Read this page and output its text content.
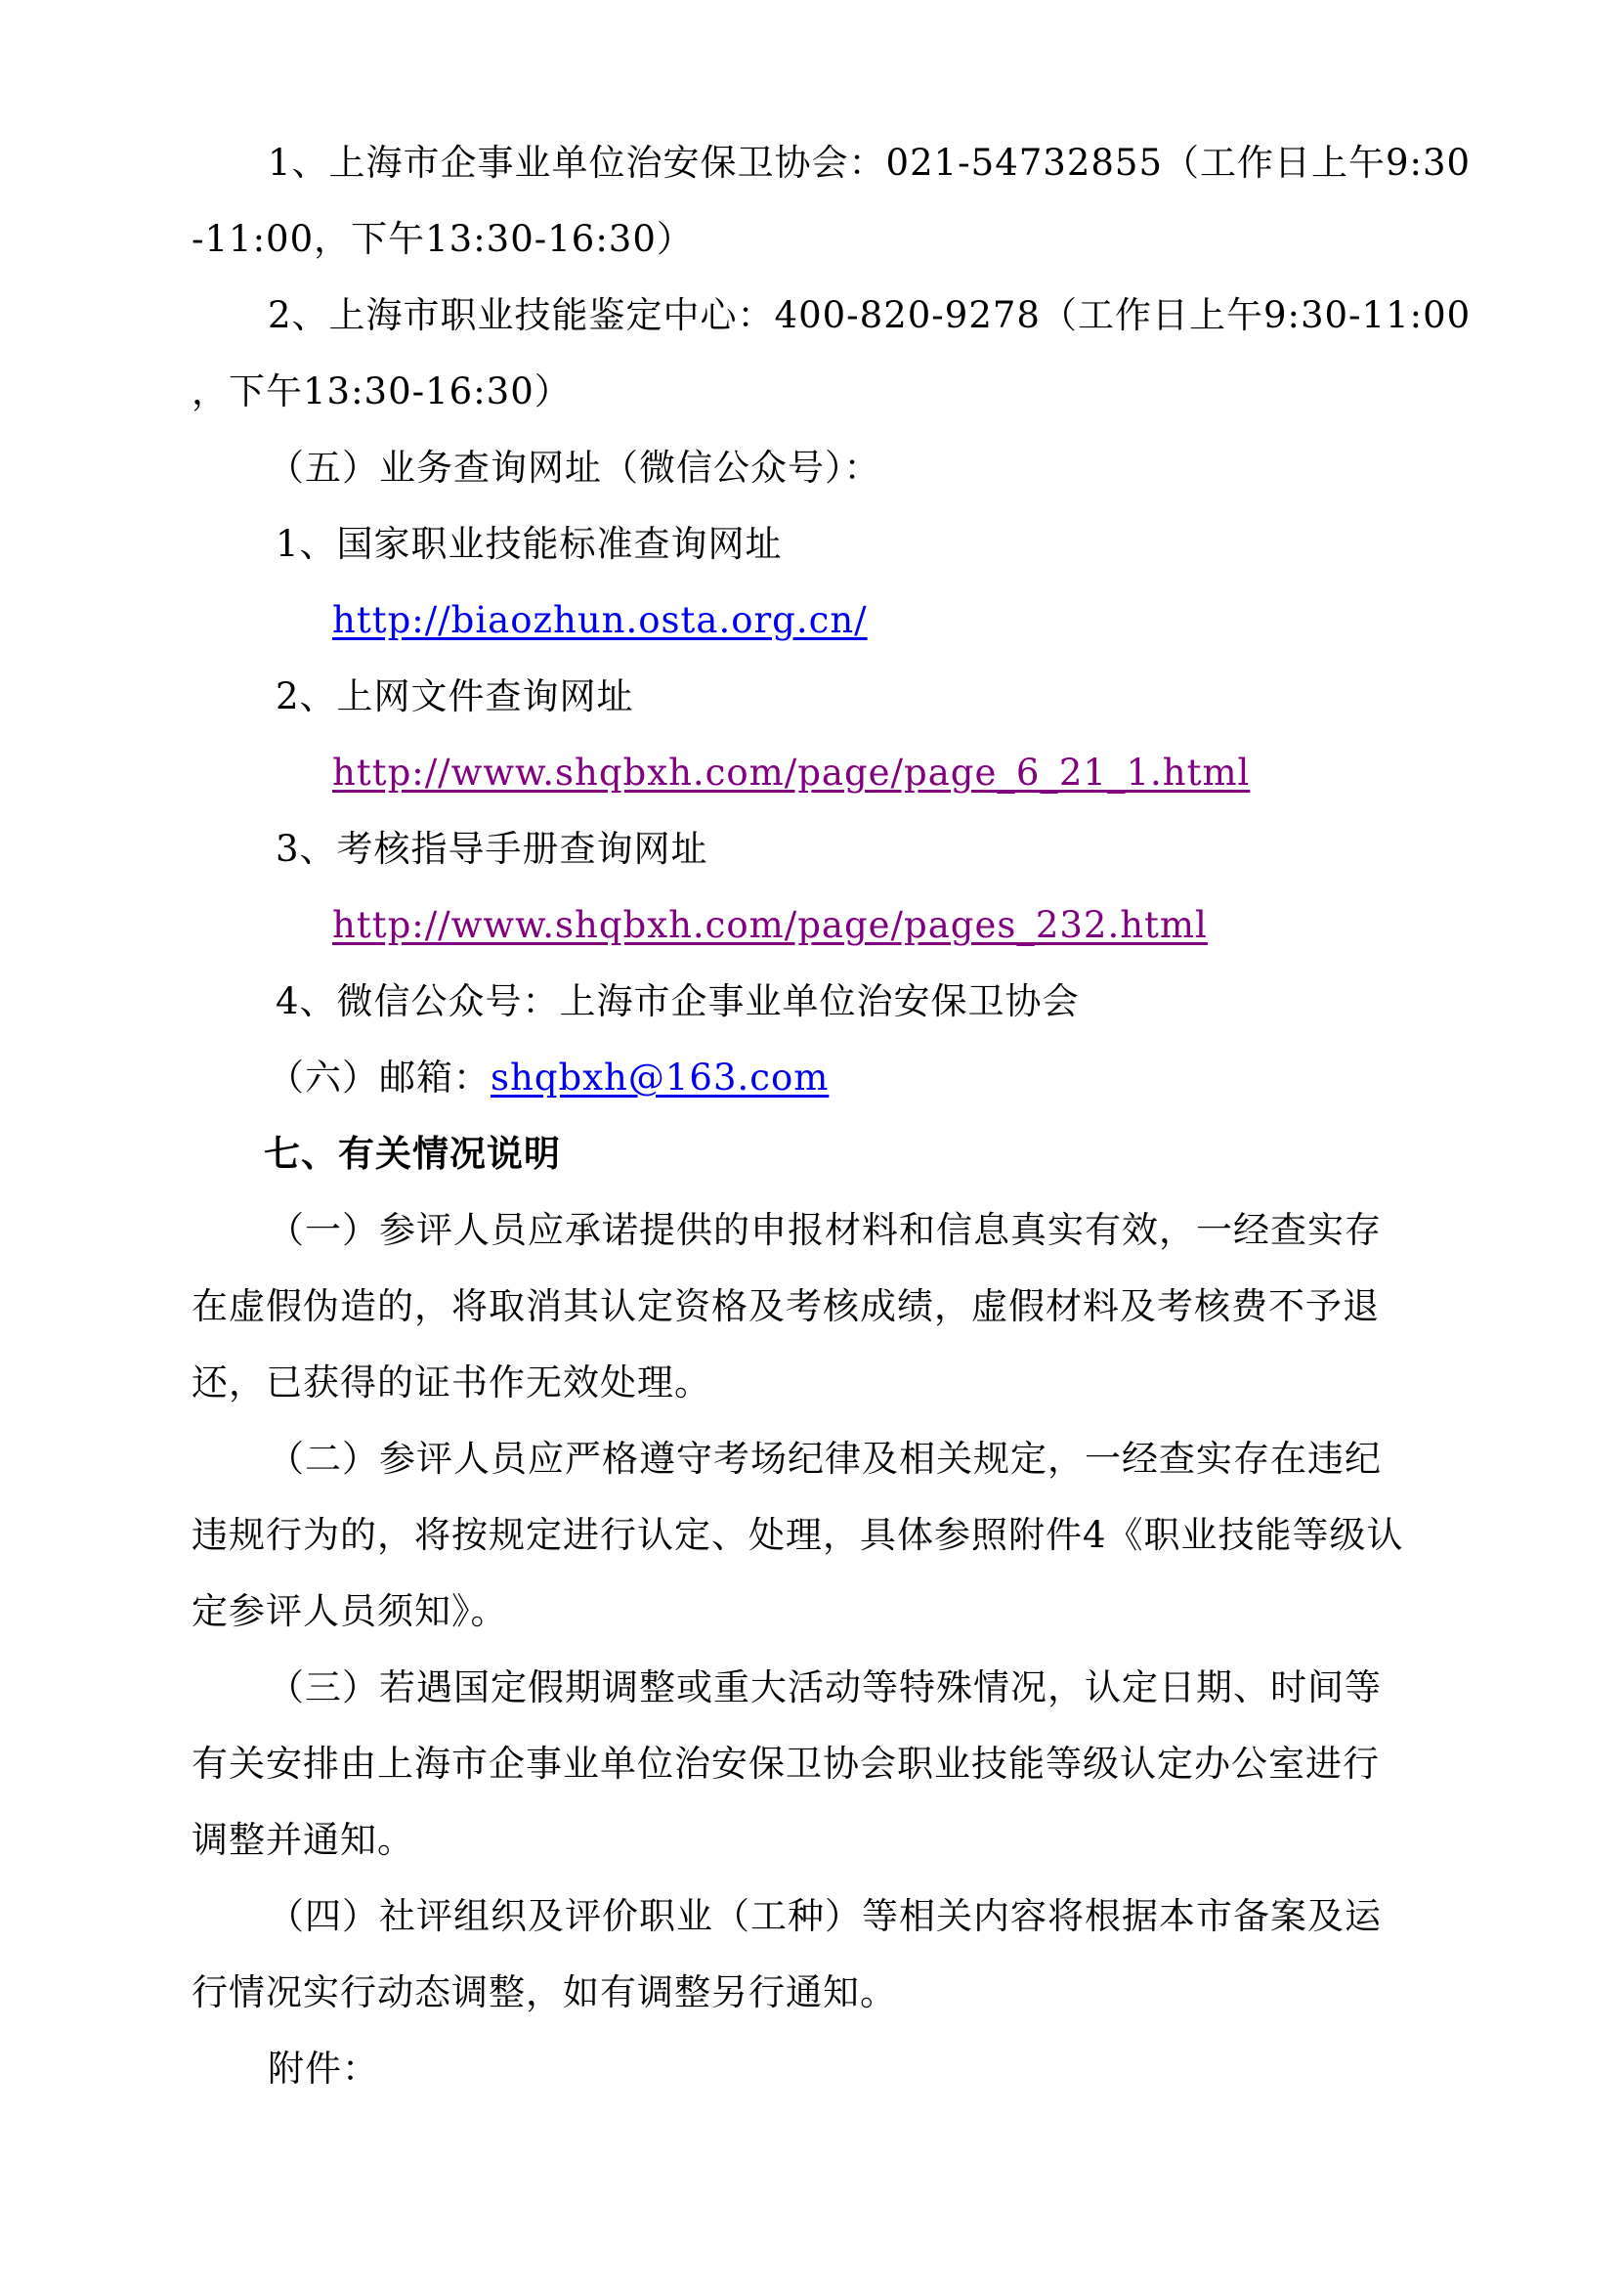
1、上海市企事业单位治安保卫协会：021-54732855（工作日上午9:30
-11:00，下午13:30-16:30）
2、上海市职业技能鉴定中心：400-820-9278（工作日上午9:30-11:00
，下午13:30-16:30）
（五）业务查询网址（微信公众号）：
1、国家职业技能标准查询网址
http://biaozhun.osta.org.cn/
2、上网文件查询网址
http://www.shqbxh.com/page/page_6_21_1.html
3、考核指导手册查询网址
http://www.shqbxh.com/page/pages_232.html
4、微信公众号：上海市企事业单位治安保卫协会
（六）邮箱：shqbxh@163.com
七、有关情况说明
（一）参评人员应承诺提供的申报材料和信息真实有效，一经查实存
在虚假伪造的，将取消其认定资格及考核成绩，虚假材料及考核费不予退
还，已获得的证书作无效处理。
（二）参评人员应严格遵守考场纪律及相关规定，一经查实存在违纪
违规行为的，将按规定进行认定、处理，具体参照附件4《职业技能等级认
定参评人员须知》。
（三）若遇国定假期调整或重大活动等特殊情况，认定日期、时间等
有关安排由上海市企事业单位治安保卫协会职业技能等级认定办公室进行
调整并通知。
（四）社评组织及评价职业（工种）等相关内容将根据本市备案及运
行情况实行动态调整，如有调整另行通知。
附件：
